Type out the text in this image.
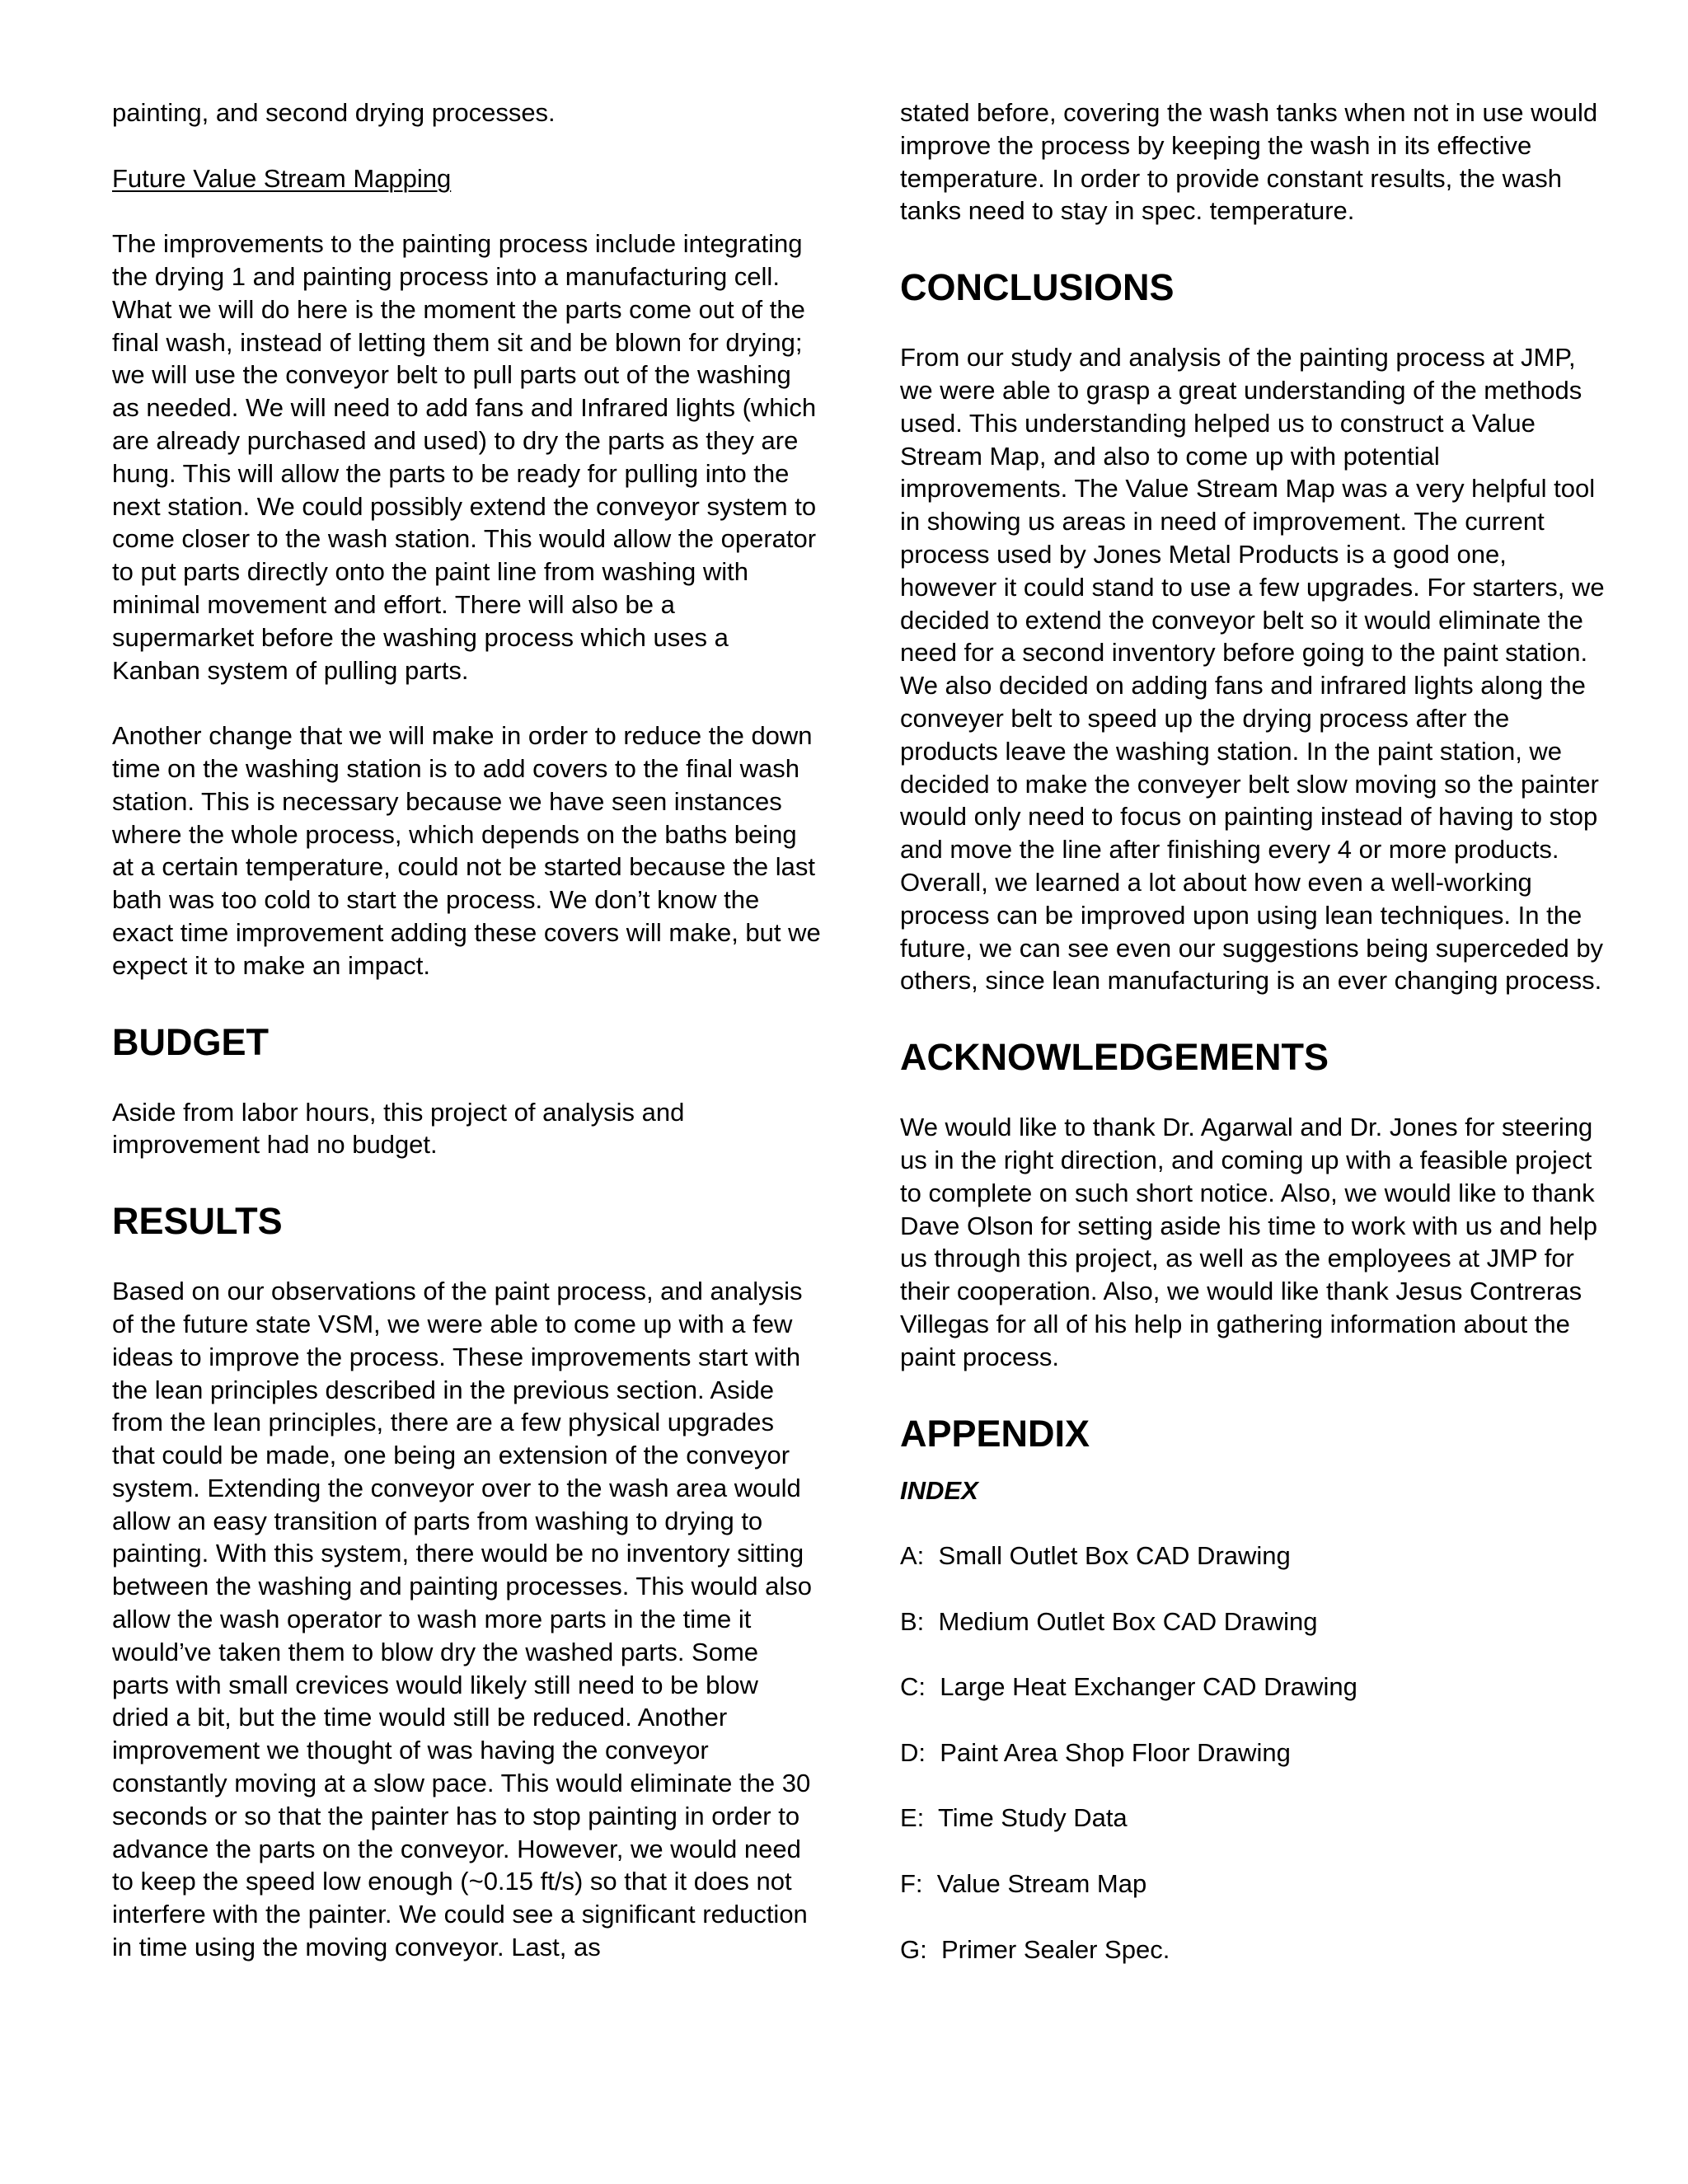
painting, and second drying processes.

Future Value Stream Mapping

The improvements to the painting process include integrating the drying 1 and painting process into a manufacturing cell. What we will do here is the moment the parts come out of the final wash, instead of letting them sit and be blown for drying; we will use the conveyor belt to pull parts out of the washing as needed. We will need to add fans and Infrared lights (which are already purchased and used) to dry the parts as they are hung. This will allow the parts to be ready for pulling into the next station. We could possibly extend the conveyor system to come closer to the wash station. This would allow the operator to put parts directly onto the paint line from washing with minimal movement and effort. There will also be a supermarket before the washing process which uses a Kanban system of pulling parts.

Another change that we will make in order to reduce the down time on the washing station is to add covers to the final wash station. This is necessary because we have seen instances where the whole process, which depends on the baths being at a certain temperature, could not be started because the last bath was too cold to start the process. We don’t know the exact time improvement adding these covers will make, but we expect it to make an impact.

BUDGET

Aside from labor hours, this project of analysis and improvement had no budget.

RESULTS

Based on our observations of the paint process, and analysis of the future state VSM, we were able to come up with a few ideas to improve the process. These improvements start with the lean principles described in the previous section. Aside from the lean principles, there are a few physical upgrades that could be made, one being an extension of the conveyor system. Extending the conveyor over to the wash area would allow an easy transition of parts from washing to drying to painting. With this system, there would be no inventory sitting between the washing and painting processes. This would also allow the wash operator to wash more parts in the time it would’ve taken them to blow dry the washed parts. Some parts with small crevices would likely still need to be blow dried a bit, but the time would still be reduced. Another improvement we thought of was having the conveyor constantly moving at a slow pace. This would eliminate the 30 seconds or so that the painter has to stop painting in order to advance the parts on the conveyor. However, we would need to keep the speed low enough (~0.15 ft/s) so that it does not interfere with the painter. We could see a significant reduction in time using the moving conveyor. Last, as

stated before, covering the wash tanks when not in use would improve the process by keeping the wash in its effective temperature. In order to provide constant results, the wash tanks need to stay in spec. temperature.

CONCLUSIONS

From our study and analysis of the painting process at JMP, we were able to grasp a great understanding of the methods used. This understanding helped us to construct a Value Stream Map, and also to come up with potential improvements. The Value Stream Map was a very helpful tool in showing us areas in need of improvement. The current process used by Jones Metal Products is a good one, however it could stand to use a few upgrades. For starters, we decided to extend the conveyor belt so it would eliminate the need for a second inventory before going to the paint station. We also decided on adding fans and infrared lights along the conveyer belt to speed up the drying process after the products leave the washing station. In the paint station, we decided to make the conveyer belt slow moving so the painter would only need to focus on painting instead of having to stop and move the line after finishing every 4 or more products. Overall, we learned a lot about how even a well-working process can be improved upon using lean techniques. In the future, we can see even our suggestions being superceded by others, since lean manufacturing is an ever changing process.

ACKNOWLEDGEMENTS

We would like to thank Dr. Agarwal and Dr. Jones for steering us in the right direction, and coming up with a feasible project to complete on such short notice. Also, we would like to thank Dave Olson for setting aside his time to work with us and help us through this project, as well as the employees at JMP for their cooperation. Also, we would like thank Jesus Contreras Villegas for all of his help in gathering information about the paint process.

APPENDIX

INDEX

A:  Small Outlet Box CAD Drawing

B:  Medium Outlet Box CAD Drawing

C:  Large Heat Exchanger CAD Drawing

D:  Paint Area Shop Floor Drawing

E:  Time Study Data

F:  Value Stream Map

G:  Primer Sealer Spec.
